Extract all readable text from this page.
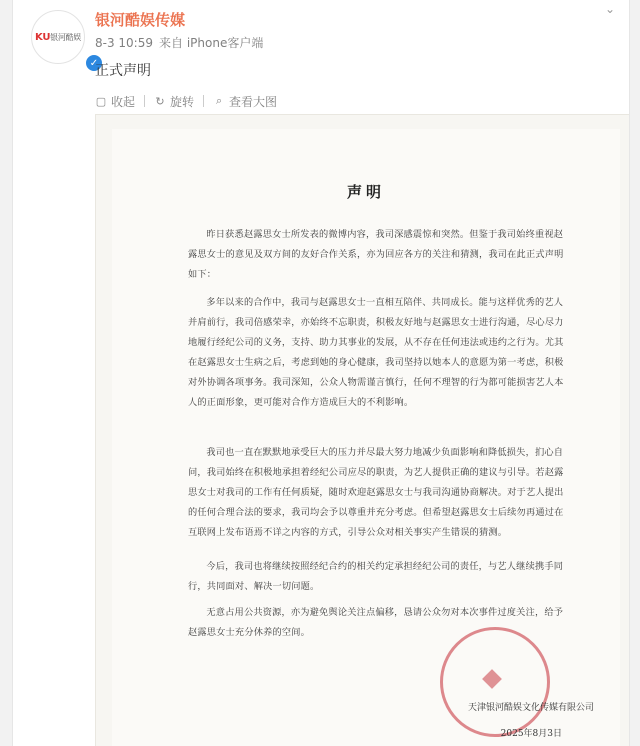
KU银河酷娱
✓
银河酷娱传媒
8-3 10:59 来自 iPhone客户端
⌄
正式声明
▢ 收起 ↻ 旋转 ⌕ 查看大图
声明
昨日获悉赵露思女士所发表的微博内容，我司深感震惊和突然。但鉴于我司始终重视赵露思女士的意见及双方间的友好合作关系，亦为回应各方的关注和猜测，我司在此正式声明如下：
多年以来的合作中，我司与赵露思女士一直相互陪伴、共同成长。能与这样优秀的艺人并肩前行，我司倍感荣幸，亦始终不忘职责，积极友好地与赵露思女士进行沟通，尽心尽力地履行经纪公司的义务，支持、助力其事业的发展，从不存在任何违法或违约之行为。尤其在赵露思女士生病之后，考虑到她的身心健康，我司坚持以她本人的意愿为第一考虑，积极对外协调各项事务。我司深知，公众人物需谨言慎行，任何不理智的行为都可能损害艺人本人的正面形象，更可能对合作方造成巨大的不利影响。
我司也一直在默默地承受巨大的压力并尽最大努力地减少负面影响和降低损失，扪心自问，我司始终在积极地承担着经纪公司应尽的职责，为艺人提供正确的建议与引导。若赵露思女士对我司的工作有任何质疑，随时欢迎赵露思女士与我司沟通协商解决。对于艺人提出的任何合理合法的要求，我司均会予以尊重并充分考虑。但希望赵露思女士后续勿再通过在互联网上发布语焉不详之内容的方式，引导公众对相关事实产生错误的猜测。
今后，我司也将继续按照经纪合约的相关约定承担经纪公司的责任，与艺人继续携手同行，共同面对、解决一切问题。
无意占用公共资源，亦为避免舆论关注点偏移，恳请公众勿对本次事件过度关注，给予赵露思女士充分休养的空间。
天津银河酷娱文化传媒有限公司
2025年8月3日
